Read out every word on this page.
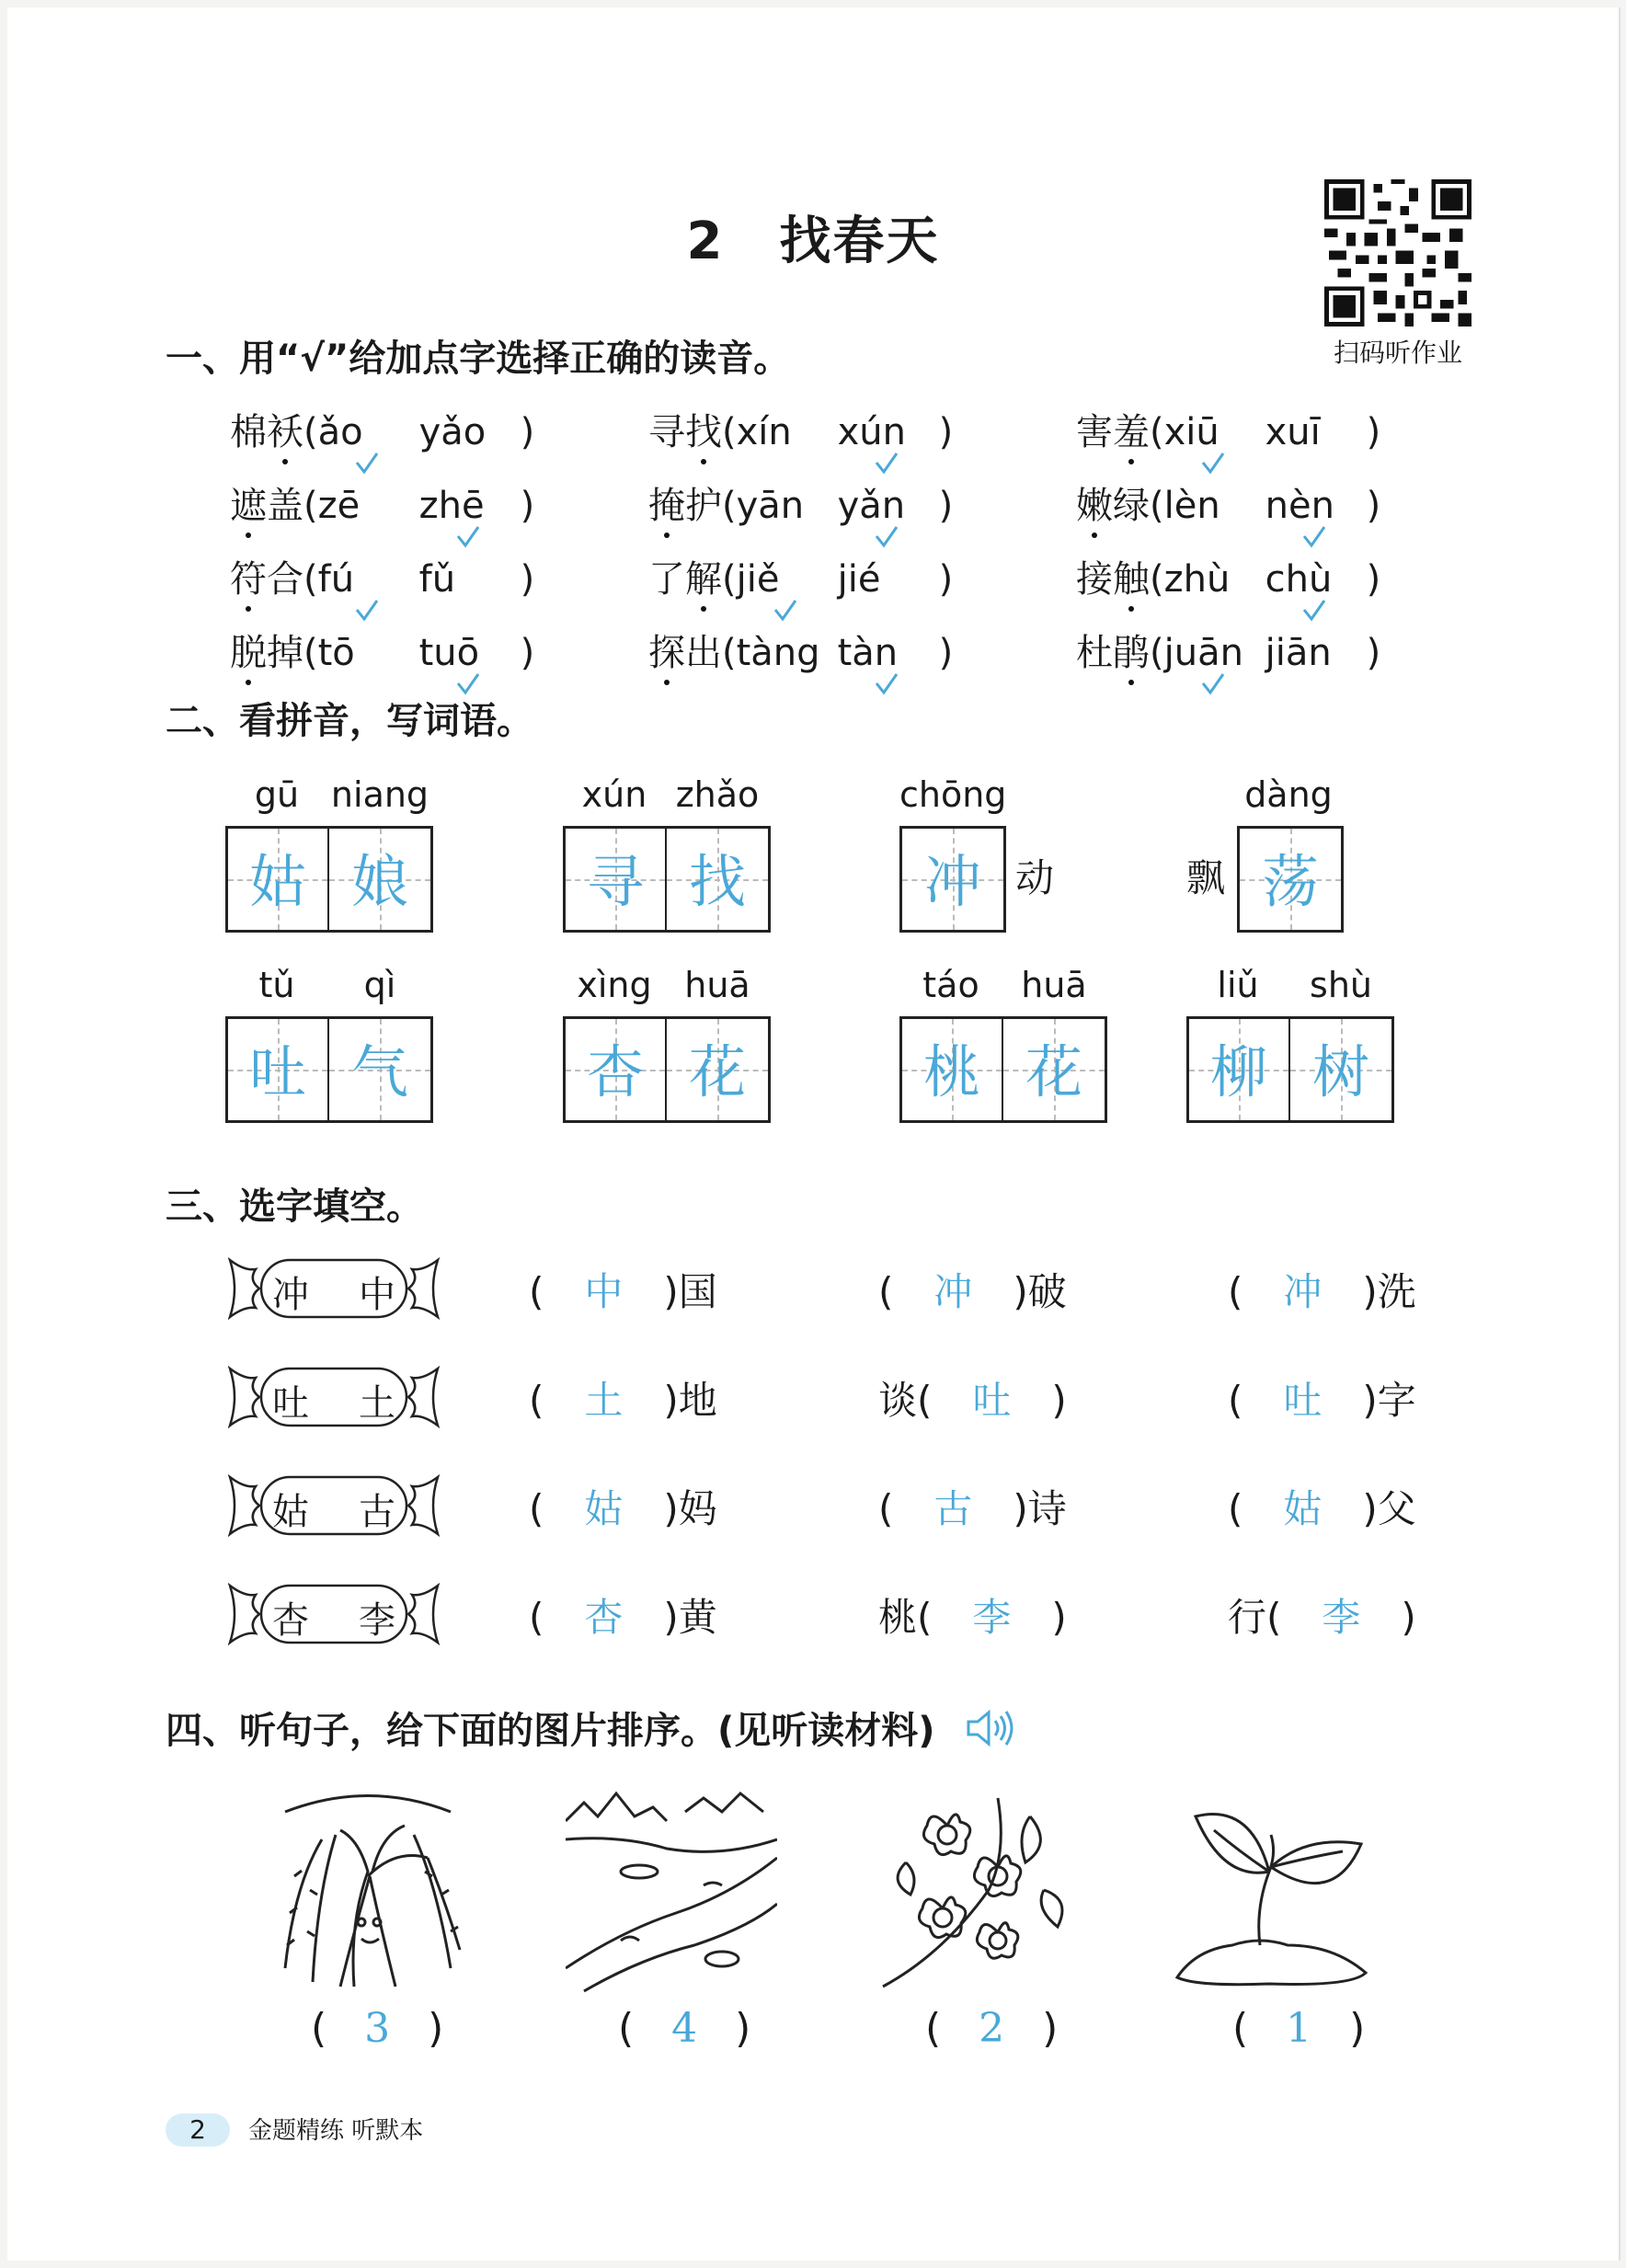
2 找春天
扫码听作业
一、用“√”给加点字选择正确的读音。
棉袄(ǎo yǎo )	寻找(xín xún )	害羞(xiū xuī )
遮盖(zē zhē )	掩护(yān yǎn )	嫩绿(lèn nèn )
符合(fú fǔ )	了解(jiě jié )	接触(zhù chù )
脱掉(tō tuō )	探出(tàng tàn )	杜鹃(juān jiān )
二、看拼音，写词语。
姑 娘
gū niang
寻 找
xún zhǎo
冲
chōng
动	飘 荡
dàng
吐 气
tǔ	qì
杏 花
xìng huā
桃 花
táo	huā
柳 树
liǔ	shù
三、选字填空。
冲 中	( 中 )国	( 冲 )破	( 冲 )洗
吐 土	( 土 )地	谈( 吐 )	( 吐 )字
姑 古	( 姑 )妈	( 古 )诗	( 姑 )父
杏 李	( 杏 )黄	桃( 李 )	行( 李 )
四、听句子，给下面的图片排序。(见听读材料)
( 3 )	( 4 )	( 2 )	( 1 )
2 金题精练 听默本
